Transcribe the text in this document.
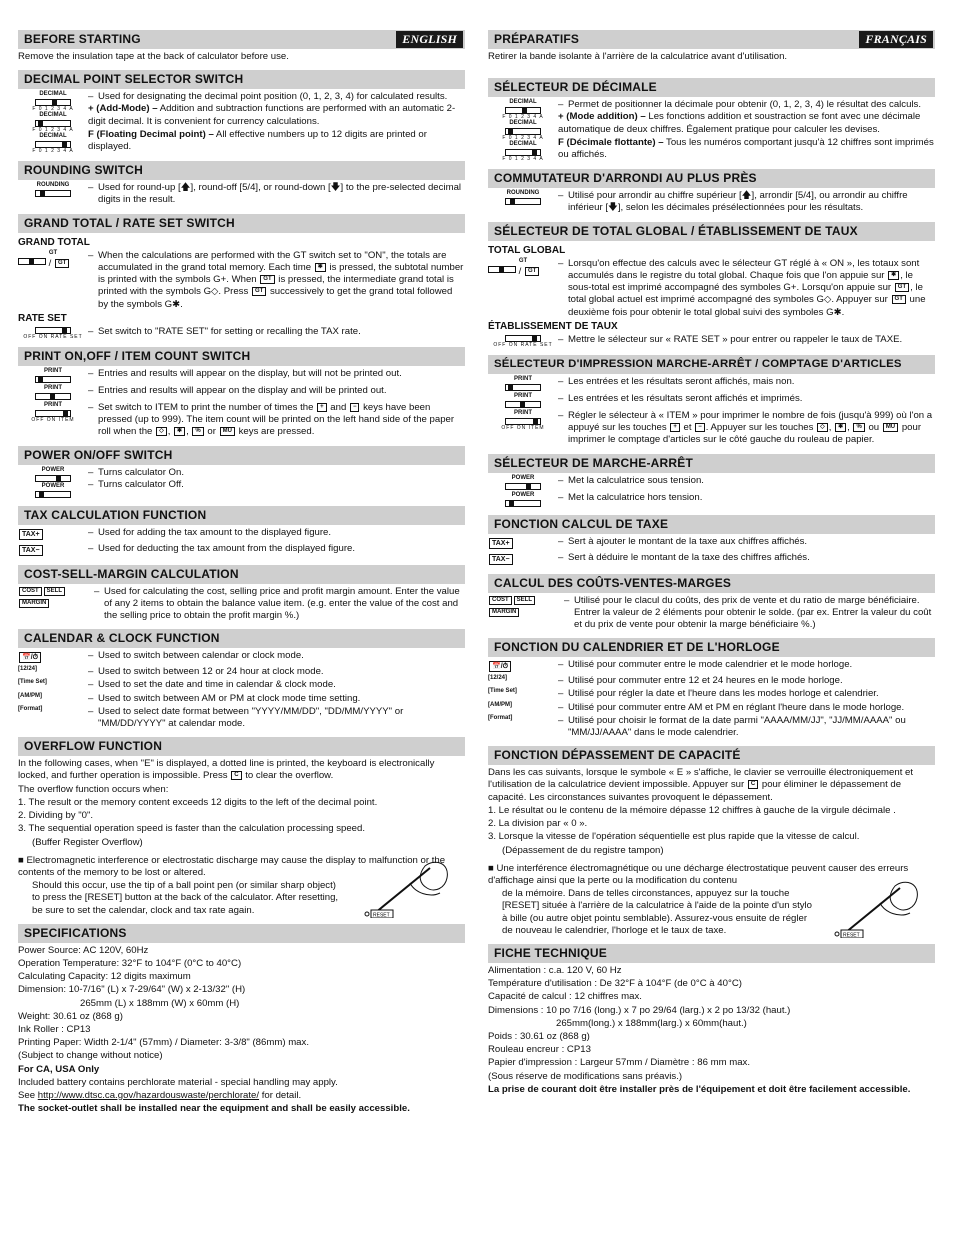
BEFORE STARTING	ENGLISH
Remove the insulation tape at the back of calculator before use.
DECIMAL POINT SELECTOR SWITCH
DECIMAL
F 0 1 2 3 4 A
DECIMAL
F 0 1 2 3 4 A
DECIMAL
F 0 1 2 3 4 A
– Used for designating the decimal point position (0, 1, 2, 3, 4) for calculated results.
+ (Add-Mode) – Addition and subtraction functions are performed with an automatic 2-digit decimal. It is convenient for currency calculations.
F (Floating Decimal point) – All effective numbers up to 12 digits are printed or displayed.
ROUNDING SWITCH
ROUNDING	– Used for round-up [🡅], round-off [5/4], or round-down [🡇] to the pre-selected decimal digits in the result.
GRAND TOTAL / RATE SET SWITCH
GRAND TOTAL
GT
/ GT
– When the calculations are performed with the GT switch set to "ON", the totals are accumulated in the grand total memory. Each time ✱ is pressed, the subtotal number is printed with the symbols G+. When GT is pressed, the intermediate grand total is printed with the symbols G◇. Press GT successively to get the grand total followed by the symbols G✱.
RATE SET
OFF ON RATE SET – Set switch to "RATE SET" for setting or recalling the TAX rate.
PRINT ON,OFF / ITEM COUNT SWITCH
PRINT	– Entries and results will appear on the display, but will not be printed out.
PRINT	– Entries and results will appear on the display and will be printed out.
PRINT
OFF ON ITEM
– Set switch to ITEM to print the number of times the + and − keys have been pressed (up to 999). The item count will be printed on the left hand side of the paper roll when the ◇ , ✱ , % or MU keys are pressed.
POWER ON/OFF SWITCH
POWER
POWER
– Turns calculator On.
– Turns calculator Off.
TAX CALCULATION FUNCTION
TAX+	– Used for adding the tax amount to the displayed figure.
TAX−	– Used for deducting the tax amount from the displayed figure.
COST-SELL-MARGIN CALCULATION
COST SELLMARGIN
– Used for calculating the cost, selling price and profit margin amount. Enter the value of any 2 items to obtain the balance value item. (e.g. enter the value of the cost and the selling price to obtain the profit margin %.)
CALENDAR & CLOCK FUNCTION
📅/⏱	– Used to switch between calendar or clock mode.
[12/24]	– Used to switch between 12 or 24 hour at clock mode.
[Time Set]	– Used to set the date and time in calendar & clock mode.
[AM/PM]	– Used to switch between AM or PM at clock mode time setting.
[Format]	– Used to select date format between "YYYY/MM/DD", "DD/MM/YYYY" or "MM/DD/YYYY" at calendar mode.
OVERFLOW FUNCTION
In the following cases, when "E" is displayed, a dotted line is printed, the keyboard is electronically locked, and further operation is impossible. Press C to clear the overflow.
The overflow function occurs when:
1. The result or the memory content exceeds 12 digits to the left of the decimal point.
2. Dividing by "0".
3. The sequential operation speed is faster than the calculation processing speed.
(Buffer Register Overflow)
■ Electromagnetic interference or electrostatic discharge may cause the display to malfunction or the contents of the memory to be lost or altered.
Should this occur, use the tip of a ball point pen (or similar sharp object) to press the [RESET] button at the back of the calculator. After resetting, be sure to set the calendar, clock and tax rate again.	RESET
SPECIFICATIONS
Power Source: AC 120V, 60Hz
Operation Temperature: 32°F to 104°F (0°C to 40°C)
Calculating Capacity: 12 digits maximum
Dimension: 10-7/16" (L) x 7-29/64" (W) x 2-13/32" (H)
265mm (L) x 188mm (W) x 60mm (H)
Weight: 30.61 oz (868 g)
Ink Roller : CP13
Printing Paper: Width 2-1/4" (57mm) / Diameter: 3-3/8" (86mm) max.
(Subject to change without notice)
For CA, USA Only
Included battery contains perchlorate material - special handling may apply.
See http://www.dtsc.ca.gov/hazardouswaste/perchlorate/ for detail.
The socket-outlet shall be installed near the equipment and shall be easily accessible.
PRÉPARATIFS	FRANÇAIS
Retirer la bande isolante à l'arrière de la calculatrice avant d'utilisation.
SÉLECTEUR DE DÉCIMALE
DECIMAL
F 0 1 2 3 4 A
DECIMAL
F 0 1 2 3 4 A
DECIMAL
F 0 1 2 3 4 A
– Permet de positionner la décimale pour obtenir (0, 1, 2, 3, 4) le résultat des calculs.
+ (Mode addition) – Les fonctions addition et soustraction se font avec une décimale automatique de deux chiffres. Également pratique pour calculer les devises.
F (Décimale flottante) – Tous les numéros comportant jusqu'à 12 chiffres sont imprimés ou affichés.
COMMUTATEUR D'ARRONDI AU PLUS PRÈS
ROUNDING	– Utilisé pour arrondir au chiffre supérieur [🡅], arrondir [5/4], ou arrondir au chiffre inférieur [🡇], selon les décimales présélectionnées pour les résultats.
SÉLECTEUR DE TOTAL GLOBAL / ÉTABLISSEMENT DE TAUX
TOTAL GLOBAL
GT
/ GT
– Lorsqu'on effectue des calculs avec le sélecteur GT réglé à « ON », les totaux sont accumulés dans le registre du total global. Chaque fois que l'on appuie sur ✱ , le sous-total est imprimé accompagné des symboles G+. Lorsqu'on appuie sur GT , le total global actuel est imprimé accompagné des symboles G◇. Appuyer sur GT une deuxième fois pour obtenir le total global suivi des symboles G✱.
ÉTABLISSEMENT DE TAUX
OFF ON RATE SET – Mettre le sélecteur sur « RATE SET » pour entrer ou rappeler le taux de TAXE.
SÉLECTEUR D'IMPRESSION MARCHE-ARRÊT / COMPTAGE D'ARTICLES
PRINT	– Les entrées et les résultats seront affichés, mais non.
PRINT	– Les entrées et les résultats seront affichés et imprimés.
PRINT
OFF ON ITEM
– Régler le sélecteur à « ITEM » pour imprimer le nombre de fois (jusqu'à 999) où l'on a appuyé sur les touches + et − . Appuyer sur les touches ◇ , ✱ , % ou MU pour imprimer le comptage d'articles sur le côté gauche du rouleau de papier.
SÉLECTEUR DE MARCHE-ARRÊT
POWER	– Met la calculatrice sous tension.
POWER	– Met la calculatrice hors tension.
FONCTION CALCUL DE TAXE
TAX+	– Sert à ajouter le montant de la taxe aux chiffres affichés.
TAX−	– Sert à déduire le montant de la taxe des chiffres affichés.
CALCUL DES COÛTS-VENTES-MARGES
COST SELLMARGIN
– Utilisé pour le clacul du coûts, des prix de vente et du ratio de marge bénéficiaire. Entrer la valeur de 2 éléments pour obtenir le solde. (par ex. Entrer la valeur du coût et du prix de vente pour obtenir la marge bénéficiaire %.)
FONCTION DU CALENDRIER ET DE L'HORLOGE
📅/⏱	– Utilisé pour commuter entre le mode calendrier et le mode horloge.
[12/24]	– Utilisé pour commuter entre 12 et 24 heures en le mode horloge.
[Time Set]	– Utilisé pour régler la date et l'heure dans les modes horloge et calendrier.
[AM/PM]	– Utilisé pour commuter entre AM et PM en réglant l'heure dans le mode horloge.
[Format]	– Utilisé pour choisir le format de la date parmi "AAAA/MM/JJ", "JJ/MM/AAAA" ou "MM/JJ/AAAA" dans le mode calendrier.
FONCTION DÉPASSEMENT DE CAPACITÉ
Dans les cas suivants, lorsque le symbole « E » s'affiche, le clavier se verrouille électroniquement et l'utilisation de la calculatrice devient impossible. Appuyer sur C pour éliminer le dépassement de capacité. Les circonstances suivantes provoquent le dépassement.
1. Le résultat ou le contenu de la mémoire dépasse 12 chiffres à gauche de la virgule décimale .
2. La division par « 0 ».
3. Lorsque la vitesse de l'opération séquentielle est plus rapide que la vitesse de calcul.
(Dépassement de du registre tampon)
■ Une interférence électromagnétique ou une décharge électrostatique peuvent causer des erreurs d'affichage ainsi que la perte ou la modification du contenu
de la mémoire. Dans de telles circonstances, appuyez sur la touche [RESET] située à l'arrière de la calculatrice à l'aide de la pointe d'un stylo à bille (ou autre objet pointu semblable). Assurez-vous ensuite de régler de nouveau le calendrier, l'horloge et le taux de taxe.	RESET
FICHE TECHNIQUE
Alimentation : c.a. 120 V, 60 Hz
Température d'utilisation : De 32°F à 104°F (de 0°C à 40°C)
Capacité de calcul : 12 chiffres max.
Dimensions : 10 po 7/16 (long.) x 7 po 29/64 (larg.) x 2 po 13/32 (haut.)
265mm(long.) x 188mm(larg.) x 60mm(haut.)
Poids : 30.61 oz (868 g)
Rouleau encreur : CP13
Papier d'impression : Largeur 57mm / Diamètre : 86 mm max.
(Sous réserve de modifications sans préavis.)
La prise de courant doit être installer près de l'équipement et doit être facilement accessible.
